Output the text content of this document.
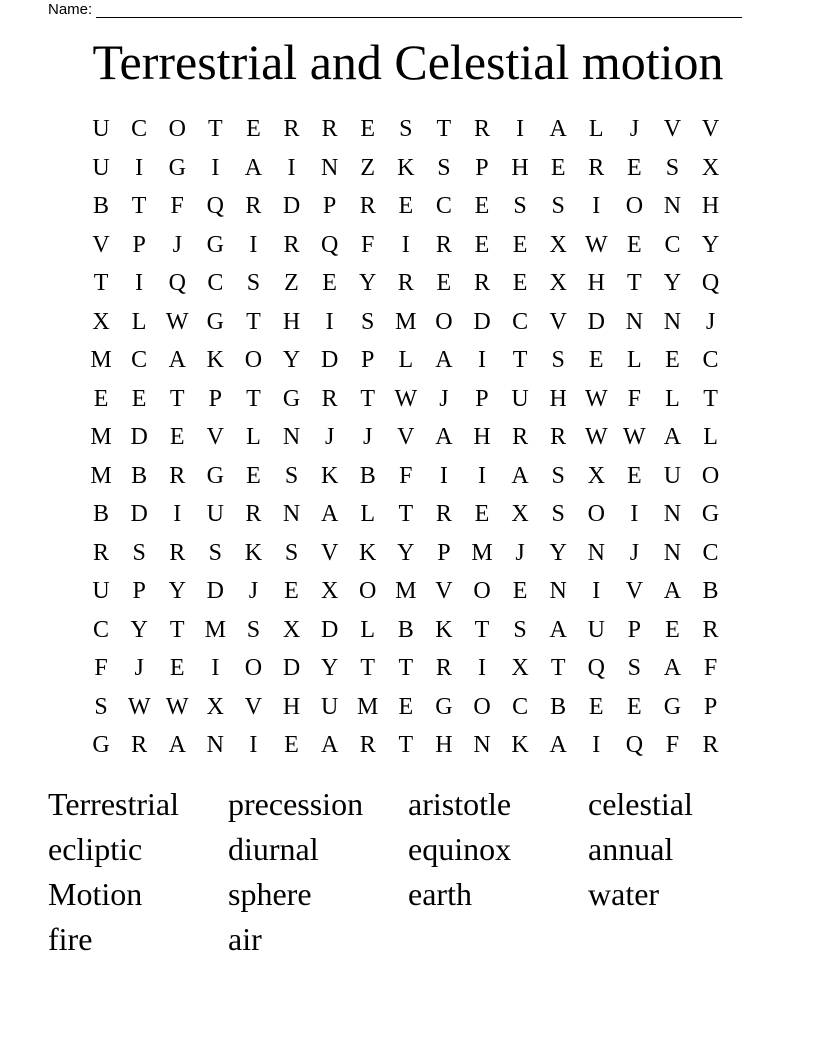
Name:
Terrestrial and Celestial motion
U C O T E R R E	S	T R	I	A L	J	V V
U	I	G	I	A	I	N Z K S	P H E R E	S X
B T	F Q R D P R E C E	S	S	I	O N H
V P	J	G	I	R Q F	I	R E E X W E C Y
T	I	Q C S	Z E Y R E R E X H T Y Q
X L W G T H	I	S M O D C V D N N	J
M C A K O Y D P	L A	I	T	S	E L E C
E E T	P	T G R T W J	P U H W F	L T
M D E V L N	J	J	V A H R R W W A L
M B R G E	S K B F	I	I	A S X E U O
B D	I	U R N A L T R E X S O	I	N G
R S R S K S V K Y P M J	Y N	J	N C
U P Y D	J	E X O M V O E N	I	V A B
C Y T M S X D L B K T	S A U P	E R
F	J	E	I	O D Y T T R	I	X T Q S A F
S W W X V H U M E G O C B E E G P
G R A N	I	E A R T H N K A	I	Q F R
Terrestrial	precession	aristotle	celestial
ecliptic	diurnal	equinox	annual
Motion	sphere	earth	water
fire	air
